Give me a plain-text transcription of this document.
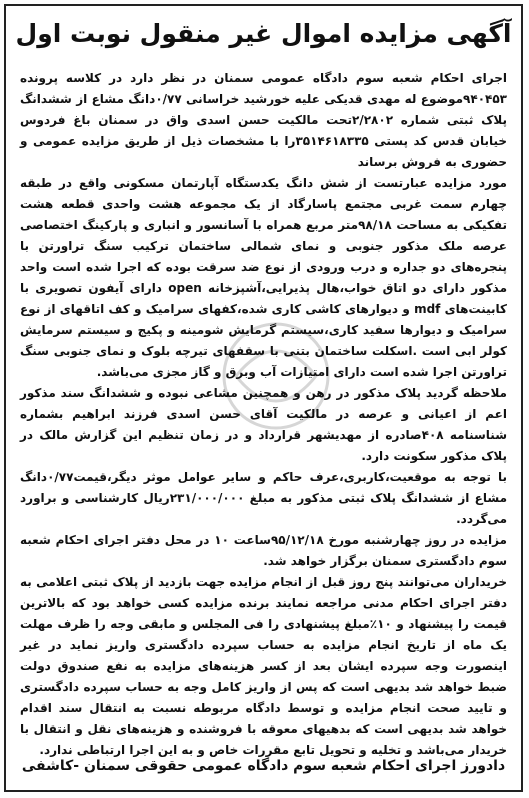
آگهی مزایده اموال غیر منقول نوبت اول

اجرای احکام شعبه سوم دادگاه عمومی سمنان در نظر دارد در کلاسه پرونده ۹۴۰۴۵۳موضوع له مهدی قدیکی علیه خورشید خراسانی ۰/۷۷دانگ مشاع از ششدانگ پلاک ثبتی شماره ۲/۲۸۰۲تحت مالکیت حسن اسدی واق در سمنان باغ فردوس خیابان قدس کد پستی ۳۵۱۴۶۱۸۳۳۵را با مشخصات ذیل از طریق مزایده عمومی و حضوری به فروش برساند

مورد مزایده عبارتست از شش دانگ یکدستگاه آپارتمان مسکونی واقع در طبقه چهارم سمت غربی مجتمع پاسارگاد از یک مجموعه هشت واحدی قطعه هشت تفکیکی به مساحت ۹۸/۱۸متر مربع همراه با آسانسور و انباری و پارکینگ اختصاصی عرصه ملک مذکور جنوبی و نمای شمالی ساختمان ترکیب سنگ تراورتن با پنجره‌های دو جداره و درب ورودی از نوع ضد سرقت بوده که اجرا شده است واحد مذکور دارای دو اتاق خواب،هال پذیرایی،آشپزخانه open دارای آیفون تصویری با کابینت‌های mdf و دیوارهای کاشی کاری شده،کفهای سرامیک و کف اتاقهای از نوع سرامیک و دیوارها سفید کاری،سیستم گرمایش شومینه و پکیج و سیستم سرمایش کولر ابی است .اسکلت ساختمان بتنی با سقفهای تیرچه بلوک و نمای جنوبی سنگ تراورتن اجرا شده است دارای امتیازات آب وبرق و گاز مجزی می‌باشد.

ملاحظه گردید پلاک مذکور در رهن و همچنین مشاعی نبوده و ششدانگ سند مذکور اعم از اعیانی و عرصه در مالکیت آقای حسن اسدی فرزند ابراهیم بشماره شناسنامه ۴۰۸صادره از مهدیشهر قرارداد و در زمان تنظیم این گزارش مالک در پلاک مذکور سکونت دارد.

با توجه به موقعیت،کاربری،عرف حاکم و سایر عوامل موثر دیگر،قیمت۰/۷۷دانگ مشاع از ششدانگ پلاک ثبتی مذکور به مبلغ ۲۳۱/۰۰۰/۰۰۰ریال کارشناسی و براورد می‌گردد.

مزایده در روز چهارشنبه مورخ ۹۵/۱۲/۱۸ساعت ۱۰ در محل دفتر اجرای احکام شعبه سوم دادگستری سمنان برگزار خواهد شد.

خریداران می‌توانند پنج روز قبل از انجام مزایده جهت بازدید از پلاک ثبتی اعلامی به دفتر اجرای احکام مدنی مراجعه نمایند برنده مزایده کسی خواهد بود که بالاترین قیمت را پیشنهاد و ۱۰٪مبلغ پیشنهادی را فی المجلس و مابقی وجه را ظرف مهلت یک ماه از تاریخ انجام مزایده به حساب سپرده دادگستری واریز نماید در غیر اینصورت وجه سپرده ایشان بعد از کسر هزینه‌های مزایده به نفع صندوق دولت ضبط خواهد شد بدیهی است که پس از واریز کامل وجه به حساب سپرده دادگستری و تایید صحت انجام مزایده و توسط دادگاه مربوطه نسبت به انتقال سند اقدام خواهد شد بدیهی است که بدهیهای معوقه با فروشنده و هزینه‌های نقل و انتقال با خریدار می‌باشد و تخلیه و تحویل تابع مقررات خاص و به این اجرا ارتباطی ندارد.

دادورز اجرای احکام شعبه سوم دادگاه عمومی حقوقی سمنان -کاشفی
